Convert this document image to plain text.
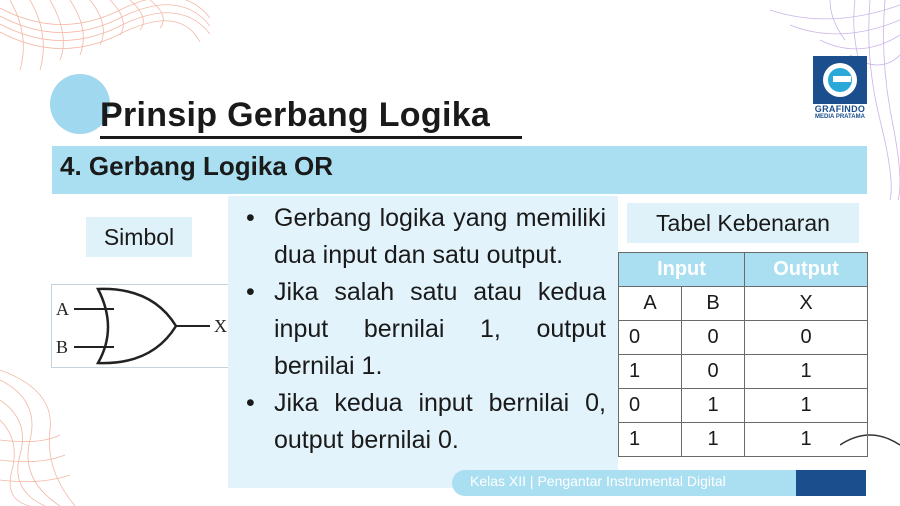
Prinsip Gerbang Logika	GRAFINDO
MEDIA PRATAMA
4. Gerbang Logika OR
Simbol
A
B
X
• Gerbang logika yang memiliki dua input dan satu output.
• Jika salah satu atau kedua input bernilai 1, output bernilai 1.
• Jika kedua input bernilai 0, output bernilai 0.
Tabel Kebenaran
Input		Output
A	B	X
0	0	0
1	0	1
0	1	1
1	1	1
Kelas XII | Pengantar Instrumental Digital
